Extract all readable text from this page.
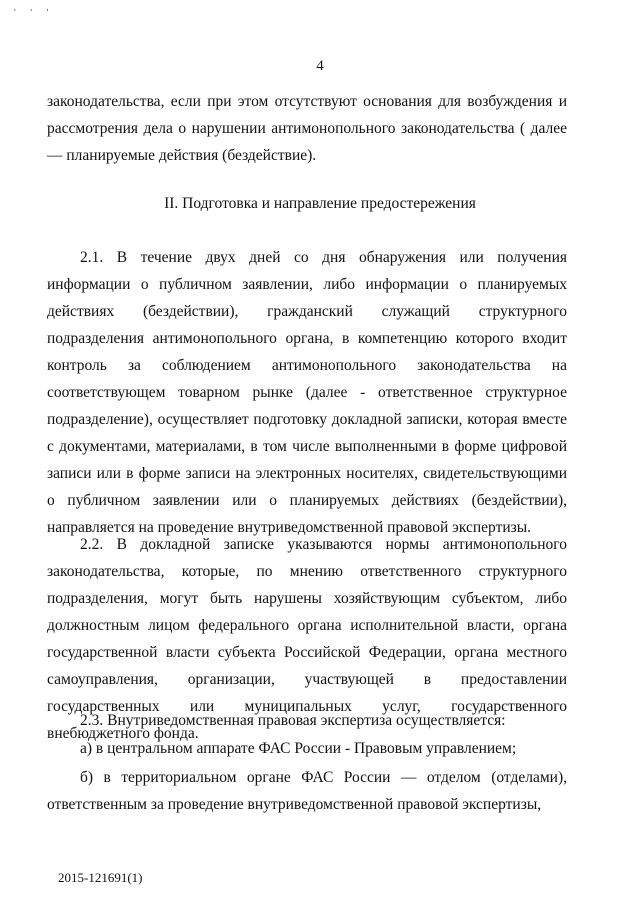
' ' '
4
законодательства, если при этом отсутствуют основания для возбуждения и рассмотрения дела о нарушении антимонопольного законодательства ( далее — планируемые действия (бездействие).
II. Подготовка и направление предостережения
2.1. В течение двух дней со дня обнаружения или получения информации о публичном заявлении, либо информации о планируемых действиях (бездействии), гражданский служащий структурного подразделения антимонопольного органа, в компетенцию которого входит контроль за соблюдением антимонопольного законодательства на соответствующем товарном рынке (далее - ответственное структурное подразделение), осуществляет подготовку докладной записки, которая вместе с документами, материалами, в том числе выполненными в форме цифровой записи или в форме записи на электронных носителях, свидетельствующими о публичном заявлении или о планируемых действиях (бездействии), направляется на проведение внутриведомственной правовой экспертизы.
2.2. В докладной записке указываются нормы антимонопольного законодательства, которые, по мнению ответственного структурного подразделения, могут быть нарушены хозяйствующим субъектом, либо должностным лицом федерального органа исполнительной власти, органа государственной власти субъекта Российской Федерации, органа местного самоуправления, организации, участвующей в предоставлении государственных или муниципальных услуг, государственного внебюджетного фонда.
2.3. Внутриведомственная правовая экспертиза осуществляется:
а) в центральном аппарате ФАС России - Правовым управлением;
б) в территориальном органе ФАС России — отделом (отделами), ответственным за проведение внутриведомственной правовой экспертизы,
2015-121691(1)
